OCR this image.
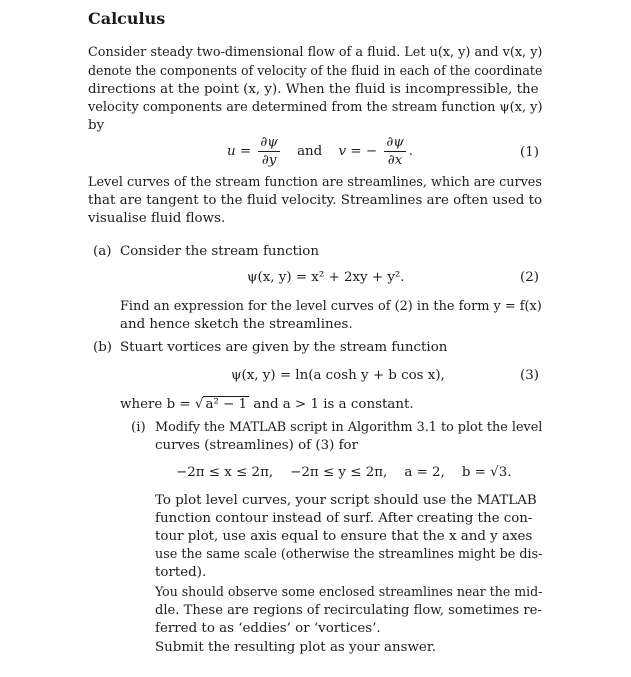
Calculus
Consider steady two-dimensional flow of a fluid. Let u(x, y) and v(x, y)
denote the components of velocity of the fluid in each of the coordinate
directions at the point (x, y). When the fluid is incompressible, the
velocity components are determined from the stream function ψ(x, y)
by
$u = \frac{\partial\psi}{\partial y}$ and v = − $\frac{\partial\psi}{\partial x}$ .	(1)
Level curves of the stream function are streamlines, which are curves
that are tangent to the fluid velocity. Streamlines are often used to
visualise fluid flows.
(a) Consider the stream function
ψ(x, y) = x² + 2xy + y².	(2)
Find an expression for the level curves of (2) in the form y = f(x)
and hence sketch the streamlines.
(b) Stuart vortices are given by the stream function
ψ(x, y) = ln(a cosh y + b cos x),	(3)
where b = √ a² − 1 and a > 1 is a constant.
(i) Modify the MATLAB script in Algorithm 3.1 to plot the level
curves (streamlines) of (3) for
−2π ≤ x ≤ 2π,    −2π ≤ y ≤ 2π,    a = 2,    b = √3.
To plot level curves, your script should use the MATLAB
function contour instead of surf. After creating the con-
tour plot, use axis equal to ensure that the x and y axes
use the same scale (otherwise the streamlines might be dis-
torted).
You should observe some enclosed streamlines near the mid-
dle. These are regions of recirculating flow, sometimes re-
ferred to as ‘eddies’ or ‘vortices’.
Submit the resulting plot as your answer.
